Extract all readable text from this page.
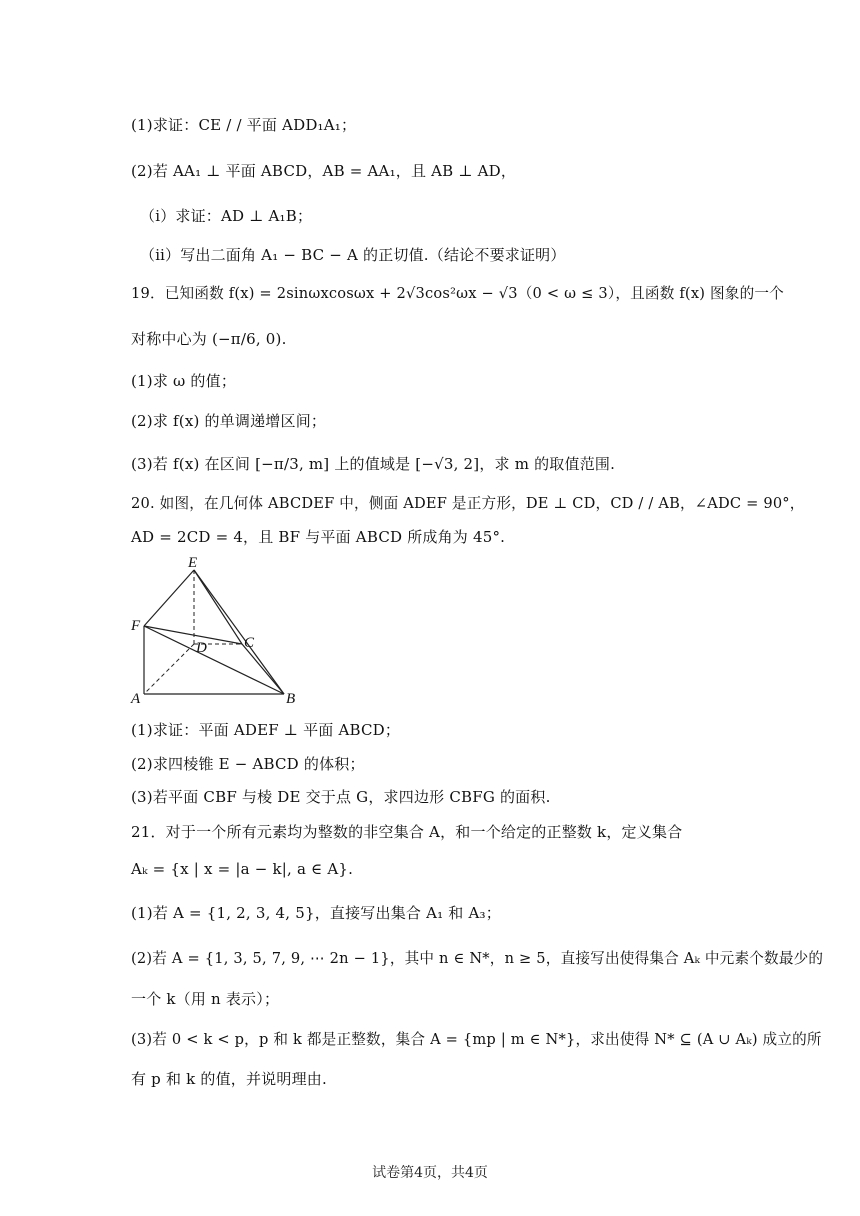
(1)求证：CE / / 平面 ADD₁A₁；
(2)若 AA₁ ⊥ 平面 ABCD，AB = AA₁，且 AB ⊥ AD，
（ⅰ）求证：AD ⊥ A₁B；
（ⅱ）写出二面角 A₁ − BC − A 的正切值.（结论不要求证明）
19．已知函数 f(x) = 2sinωxcosωx + 2√3cos²ωx − √3（0 < ω ≤ 3），且函数 f(x) 图象的一个
对称中心为 (−π/6, 0).
(1)求 ω 的值；
(2)求 f(x) 的单调递增区间；
(3)若 f(x) 在区间 [−π/3, m] 上的值域是 [−√3, 2]，求 m 的取值范围.
20. 如图，在几何体 ABCDEF 中，侧面 ADEF 是正方形，DE ⊥ CD，CD / / AB，∠ADC = 90°，
AD = 2CD = 4，且 BF 与平面 ABCD 所成角为 45°.
E
F
D C
A	B
(1)求证：平面 ADEF ⊥ 平面 ABCD；
(2)求四棱锥 E − ABCD 的体积；
(3)若平面 CBF 与棱 DE 交于点 G，求四边形 CBFG 的面积.
21．对于一个所有元素均为整数的非空集合 A，和一个给定的正整数 k，定义集合
Aₖ = {x | x = |a − k|, a ∈ A}.
(1)若 A = {1, 2, 3, 4, 5}，直接写出集合 A₁ 和 A₃；
(2)若 A = {1, 3, 5, 7, 9, ⋯ 2n − 1}，其中 n ∈ N*，n ≥ 5，直接写出使得集合 Aₖ 中元素个数最少的
一个 k（用 n 表示）；
(3)若 0 < k < p，p 和 k 都是正整数，集合 A = {mp | m ∈ N*}，求出使得 N* ⊆ (A ∪ Aₖ) 成立的所
有 p 和 k 的值，并说明理由.
试卷第4页，共4页
